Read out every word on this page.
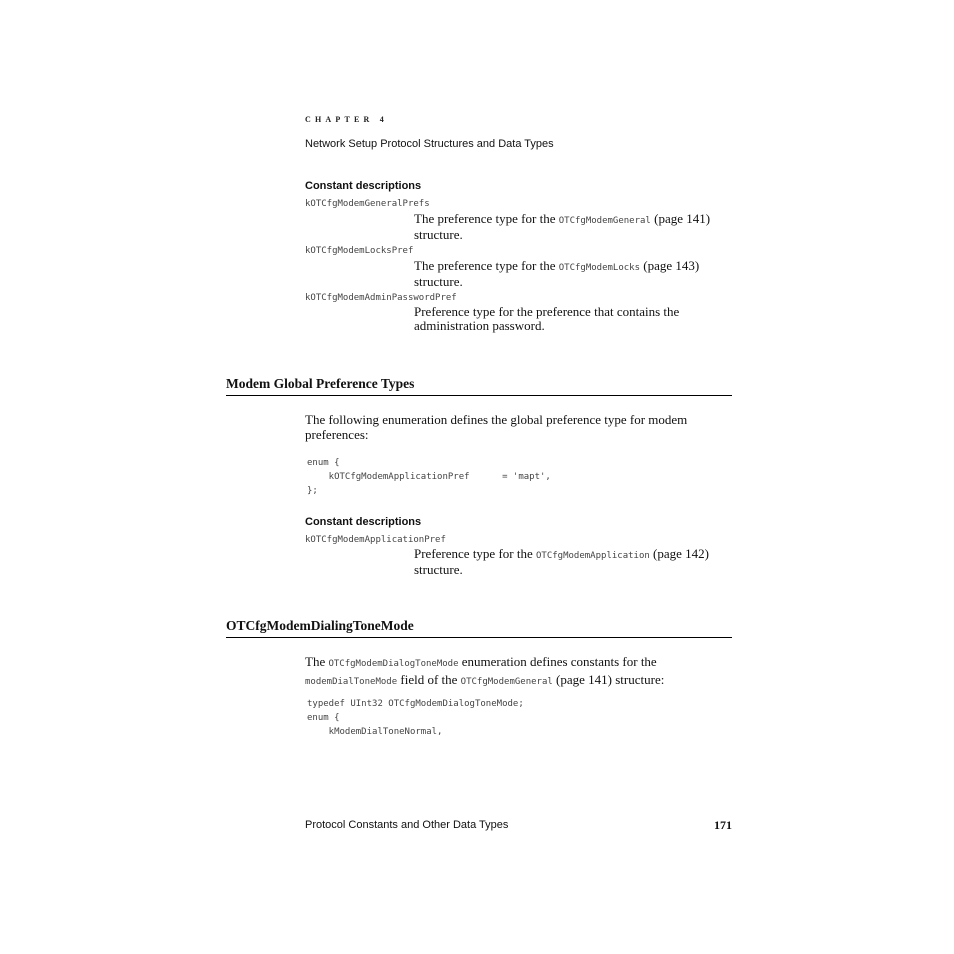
CHAPTER 4
Network Setup Protocol Structures and Data Types
Constant descriptions
kOTCfgModemGeneralPrefs
The preference type for the OTCfgModemGeneral (page 141)
structure.
kOTCfgModemLocksPref
The preference type for the OTCfgModemLocks (page 143)
structure.
kOTCfgModemAdminPasswordPref
Preference type for the preference that contains the
administration password.
Modem Global Preference Types
The following enumeration defines the global preference type for modem
preferences:
enum {
kOTCfgModemApplicationPref      = 'mapt',
};
Constant descriptions
kOTCfgModemApplicationPref
Preference type for the OTCfgModemApplication (page 142)
structure.
OTCfgModemDialingToneMode
The OTCfgModemDialogToneMode enumeration defines constants for the
modemDialToneMode field of the OTCfgModemGeneral (page 141) structure:
typedef UInt32 OTCfgModemDialogToneMode;
enum {
kModemDialToneNormal,
Protocol Constants and Other Data Types	171
